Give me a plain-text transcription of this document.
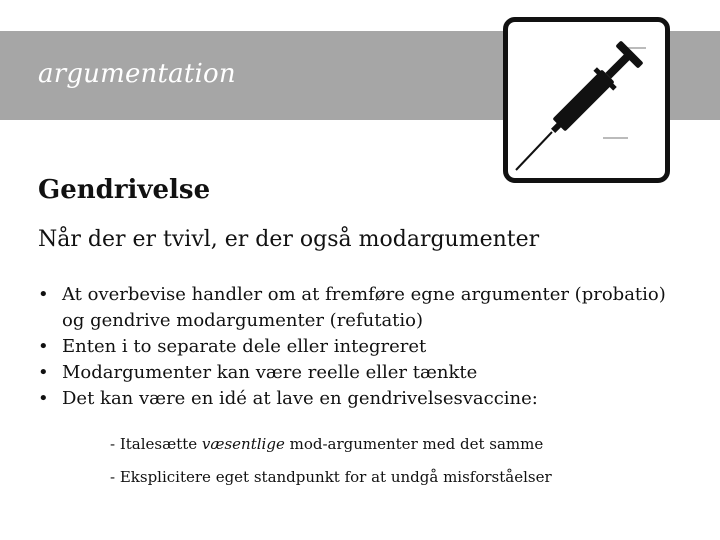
argumentation
Gendrivelse
Når der er tvivl, er der også modargumenter
• At overbevise handler om at fremføre egne argumenter (probatio) og gendrive modargumenter (refutatio)
• Enten i to separate dele eller integreret
• Modargumenter kan være reelle eller tænkte
• Det kan være en idé at lave en gendrivelsesvaccine:
- Italesætte væsentlige mod-argumenter med det samme
- Eksplicitere eget standpunkt for at undgå misforståelser
